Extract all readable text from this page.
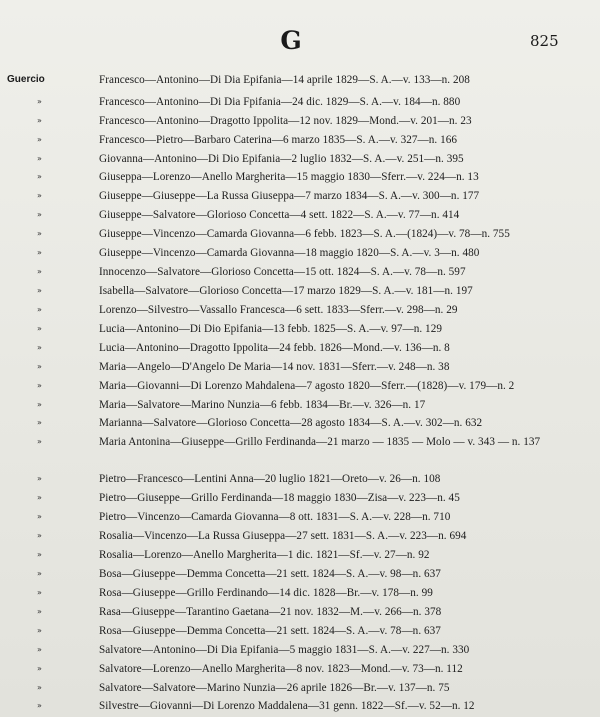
G	825
Guercio	Francesco—Antonino—Di Dia Epifania—14 aprile 1829—S. A.—v. 133—n. 208
»	Francesco—Antonino—Di Dia Fpifania—24 dic. 1829—S. A.—v. 184—n. 880
»	Francesco—Antonino—Dragotto Ippolita—12 nov. 1829—Mond.—v. 201—n. 23
»	Francesco—Pietro—Barbaro Caterina—6 marzo 1835—S. A.—v. 327—n. 166
»	Giovanna—Antonino—Di Dio Epifania—2 luglio 1832—S. A.—v. 251—n. 395
»	Giuseppa—Lorenzo—Anello Margherita—15 maggio 1830—Sferr.—v. 224—n. 13
»	Giuseppe—Giuseppe—La Russa Giuseppa—7 marzo 1834—S. A.—v. 300—n. 177
»	Giuseppe—Salvatore—Glorioso Concetta—4 sett. 1822—S. A.—v. 77—n. 414
»	Giuseppe—Vincenzo—Camarda Giovanna—6 febb. 1823—S. A.—(1824)—v. 78—n. 755
»	Giuseppe—Vincenzo—Camarda Giovanna—18 maggio 1820—S. A.—v. 3—n. 480
»	Innocenzo—Salvatore—Glorioso Concetta—15 ott. 1824—S. A.—v. 78—n. 597
»	Isabella—Salvatore—Glorioso Concetta—17 marzo 1829—S. A.—v. 181—n. 197
»	Lorenzo—Silvestro—Vassallo Francesca—6 sett. 1833—Sferr.—v. 298—n. 29
»	Lucia—Antonino—Di Dio Epifania—13 febb. 1825—S. A.—v. 97—n. 129
»	Lucia—Antonino—Dragotto Ippolita—24 febb. 1826—Mond.—v. 136—n. 8
»	Maria—Angelo—D'Angelo De Maria—14 nov. 1831—Sferr.—v. 248—n. 38
»	Maria—Giovanni—Di Lorenzo Mahdalena—7 agosto 1820—Sferr.—(1828)—v. 179—n. 2
»	Maria—Salvatore—Marino Nunzia—6 febb. 1834—Br.—v. 326—n. 17
»	Marianna—Salvatore—Glorioso Concetta—28 agosto 1834—S. A.—v. 302—n. 632
»	Maria Antonina—Giuseppe—Grillo Ferdinanda—21 marzo — 1835 — Molo — v. 343 — n. 137
»	Pietro—Francesco—Lentini Anna—20 luglio 1821—Oreto—v. 26—n. 108
»	Pietro—Giuseppe—Grillo Ferdinanda—18 maggio 1830—Zisa—v. 223—n. 45
»	Pietro—Vincenzo—Camarda Giovanna—8 ott. 1831—S. A.—v. 228—n. 710
»	Rosalia—Vincenzo—La Russa Giuseppa—27 sett. 1831—S. A.—v. 223—n. 694
»	Rosalia—Lorenzo—Anello Margherita—1 dic. 1821—Sf.—v. 27—n. 92
»	Bosa—Giuseppe—Demma Concetta—21 sett. 1824—S. A.—v. 98—n. 637
»	Rosa—Giuseppe—Grillo Ferdinando—14 dic. 1828—Br.—v. 178—n. 99
»	Rasa—Giuseppe—Tarantino Gaetana—21 nov. 1832—M.—v. 266—n. 378
»	Rosa—Giuseppe—Demma Concetta—21 sett. 1824—S. A.—v. 78—n. 637
»	Salvatore—Antonino—Di Dia Epifania—5 maggio 1831—S. A.—v. 227—n. 330
»	Salvatore—Lorenzo—Anello Margherita—8 nov. 1823—Mond.—v. 73—n. 112
»	Salvatore—Salvatore—Marino Nunzia—26 aprile 1826—Br.—v. 137—n. 75
»	Silvestre—Giovanni—Di Lorenzo Maddalena—31 genn. 1822—Sf.—v. 52—n. 12
